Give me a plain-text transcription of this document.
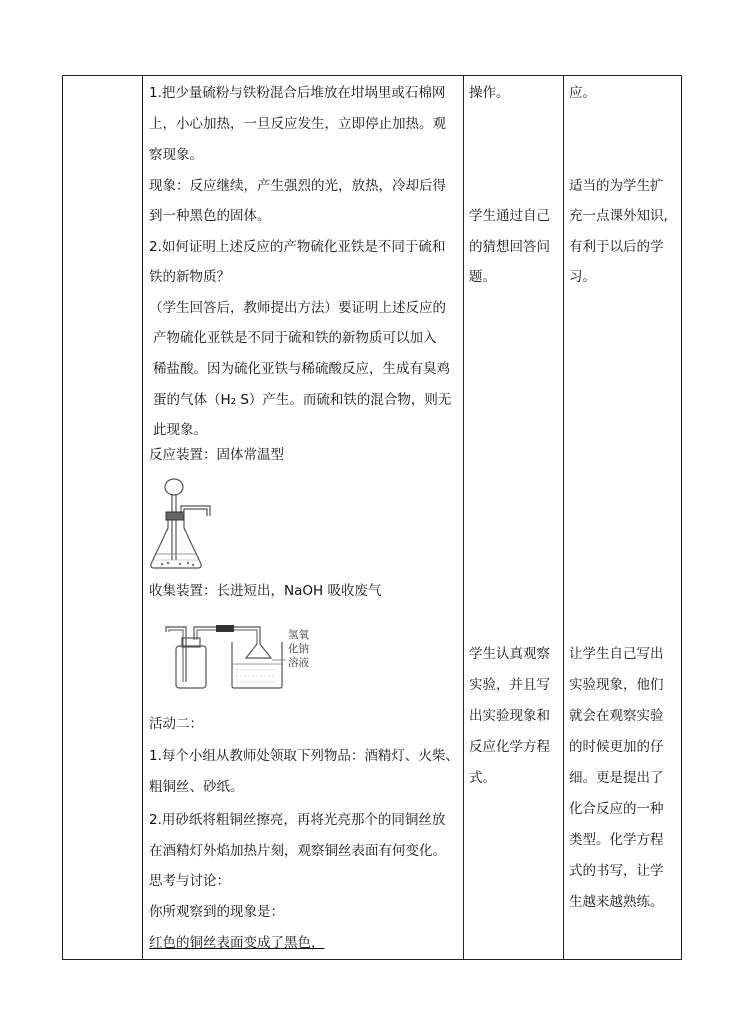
1.把少量硫粉与铁粉混合后堆放在坩埚里或石棉网
上，小心加热，一旦反应发生，立即停止加热。观
察现象。
现象：反应继续，产生强烈的光，放热，冷却后得
到一种黑色的固体。
2.如何证明上述反应的产物硫化亚铁是不同于硫和
铁的新物质？
（学生回答后，教师提出方法）要证明上述反应的
产物硫化亚铁是不同于硫和铁的新物质可以加入
稀盐酸。因为硫化亚铁与稀硫酸反应，生成有臭鸡
蛋的气体（H₂ S）产生。而硫和铁的混合物，则无
此现象。
反应装置：固体常温型
收集装置：长进短出，NaOH 吸收废气
氢氧
化钠
溶液
活动二：
1.每个小组从教师处领取下列物品：酒精灯、火柴、
粗铜丝、砂纸。
2.用砂纸将粗铜丝擦亮，再将光亮那个的同铜丝放
在酒精灯外焰加热片刻，观察铜丝表面有何变化。
思考与讨论：
你所观察到的现象是：
红色的铜丝表面变成了黑色，
操作。
学生通过自己
的猜想回答问
题。
学生认真观察
实验，并且写
出实验现象和
反应化学方程
式。
应。
适当的为学生扩
充一点课外知识,
有利于以后的学
习。
让学生自己写出
实验现象，他们
就会在观察实验
的时候更加的仔
细。更是提出了
化合反应的一种
类型。化学方程
式的书写，让学
生越来越熟练。
